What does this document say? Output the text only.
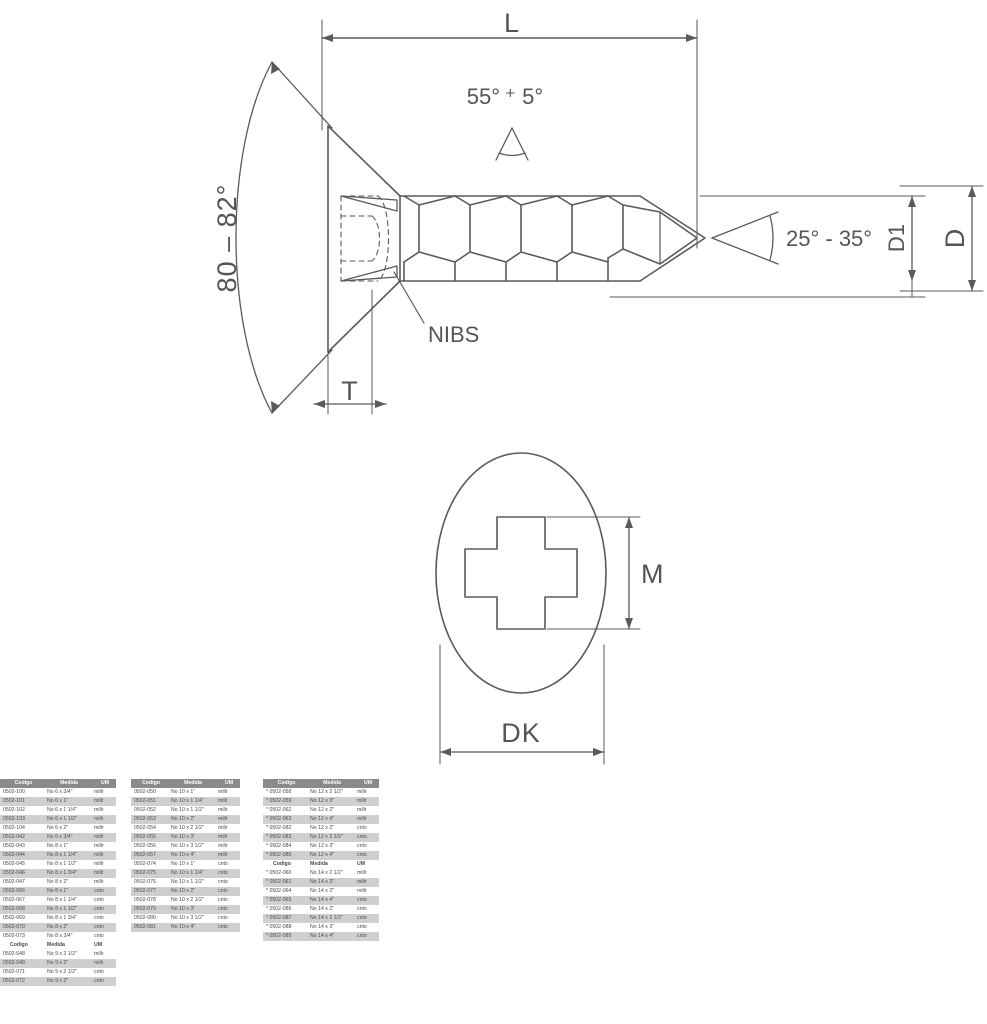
L
55° ⁺ 5°
80 – 82°	25° - 35° D1 D
NIBS
T
M
DK
Codigo	Medida	UM
0502-100	No 6 x 3/4"	millr
0502-101	No 6 x 1"	millr
0502-102	No 6 x 1 1/4"	millr
0502-103	No 6 x 1 1/2"	millr
0502-104	No 6 x 2"	millr
0502-042	No 6 x 3/4"	millr
0502-043	No 8 x 1"	millr
0502-044	No 8 x 1 1/4"	millr
0502-045	No 8 x 1 1/2"	millr
0502-046	No 8 x 1 3/4"	millr
0502-047	No 8 x 2"	millr
0502-066	No 8 x 1"	cnto
0502-067	No 8 x 1 1/4"	cnto
0502-068	No 8 x 1 1/2"	cnto
0502-069	No 8 x 1 3/4"	cnto
0502-070	No 8 x 2"	cnto
0502-073	No 8 x 3/4"	cnto
Codigo	Medida	UM
0502-048	No 9 x 2 1/2"	millr
0502-049	No 9 x 3"	millr
0502-071	No 9 x 2 1/2"	cnto
0502-072	No 9 x 3"	cnto
Codigo	Medida	UM
0502-050	No 10 x 1"	millr
0502-051	No 10 x 1 1/4"	millr
0502-052	No 10 x 1 1/2"	millr
0502-053	No 10 x 2"	millr
0502-054	No 10 x 2 1/2"	millr
0502-055	No 10 x 3"	millr
0502-056	No 10 x 3 1/2"	millr
0502-057	No 10 x 4"	millr
0502-074	No 10 x 1"	cnto
0502-075	No 10 x 1 1/4"	cnto
0502-076	No 10 x 1 1/2"	cnto
0502-077	No 10 x 2"	cnto
0502-078	No 10 x 2 1/2"	cnto
0502-079	No 10 x 3"	cnto
0502-080	No 10 x 3 1/2"	cnto
0502-081	No 10 x 4"	cnto
Codigo	Medida	UM
* 0502-058	No 12 x 2 1/2"	millr
* 0502-059	No 12 x 3"	millr
* 0502-062	No 12 x 2"	millr
* 0502-063	No 12 x 4"	millr
* 0502-082	No 12 x 2"	cnto
* 0502-083	No 12 x 2 1/2"	cnto
* 0502-084	No 12 x 3"	cnto
* 0502-085	No 12 x 4"	cnto
Codigo	Medida	UM
* 0502-060	No 14 x 2 1/2"	millr
* 0502-061	No 14 x 3"	millr
* 0502-064	No 14 x 2"	millr
* 0502-065	No 14 x 4"	cnto
* 0502-086	No 14 x 2"	cnto
* 0502-087	No 14 x 2 1/2"	cnto
* 0502-088	No 14 x 3"	cnto
* 0502-089	No 14 x 4"	cnto
